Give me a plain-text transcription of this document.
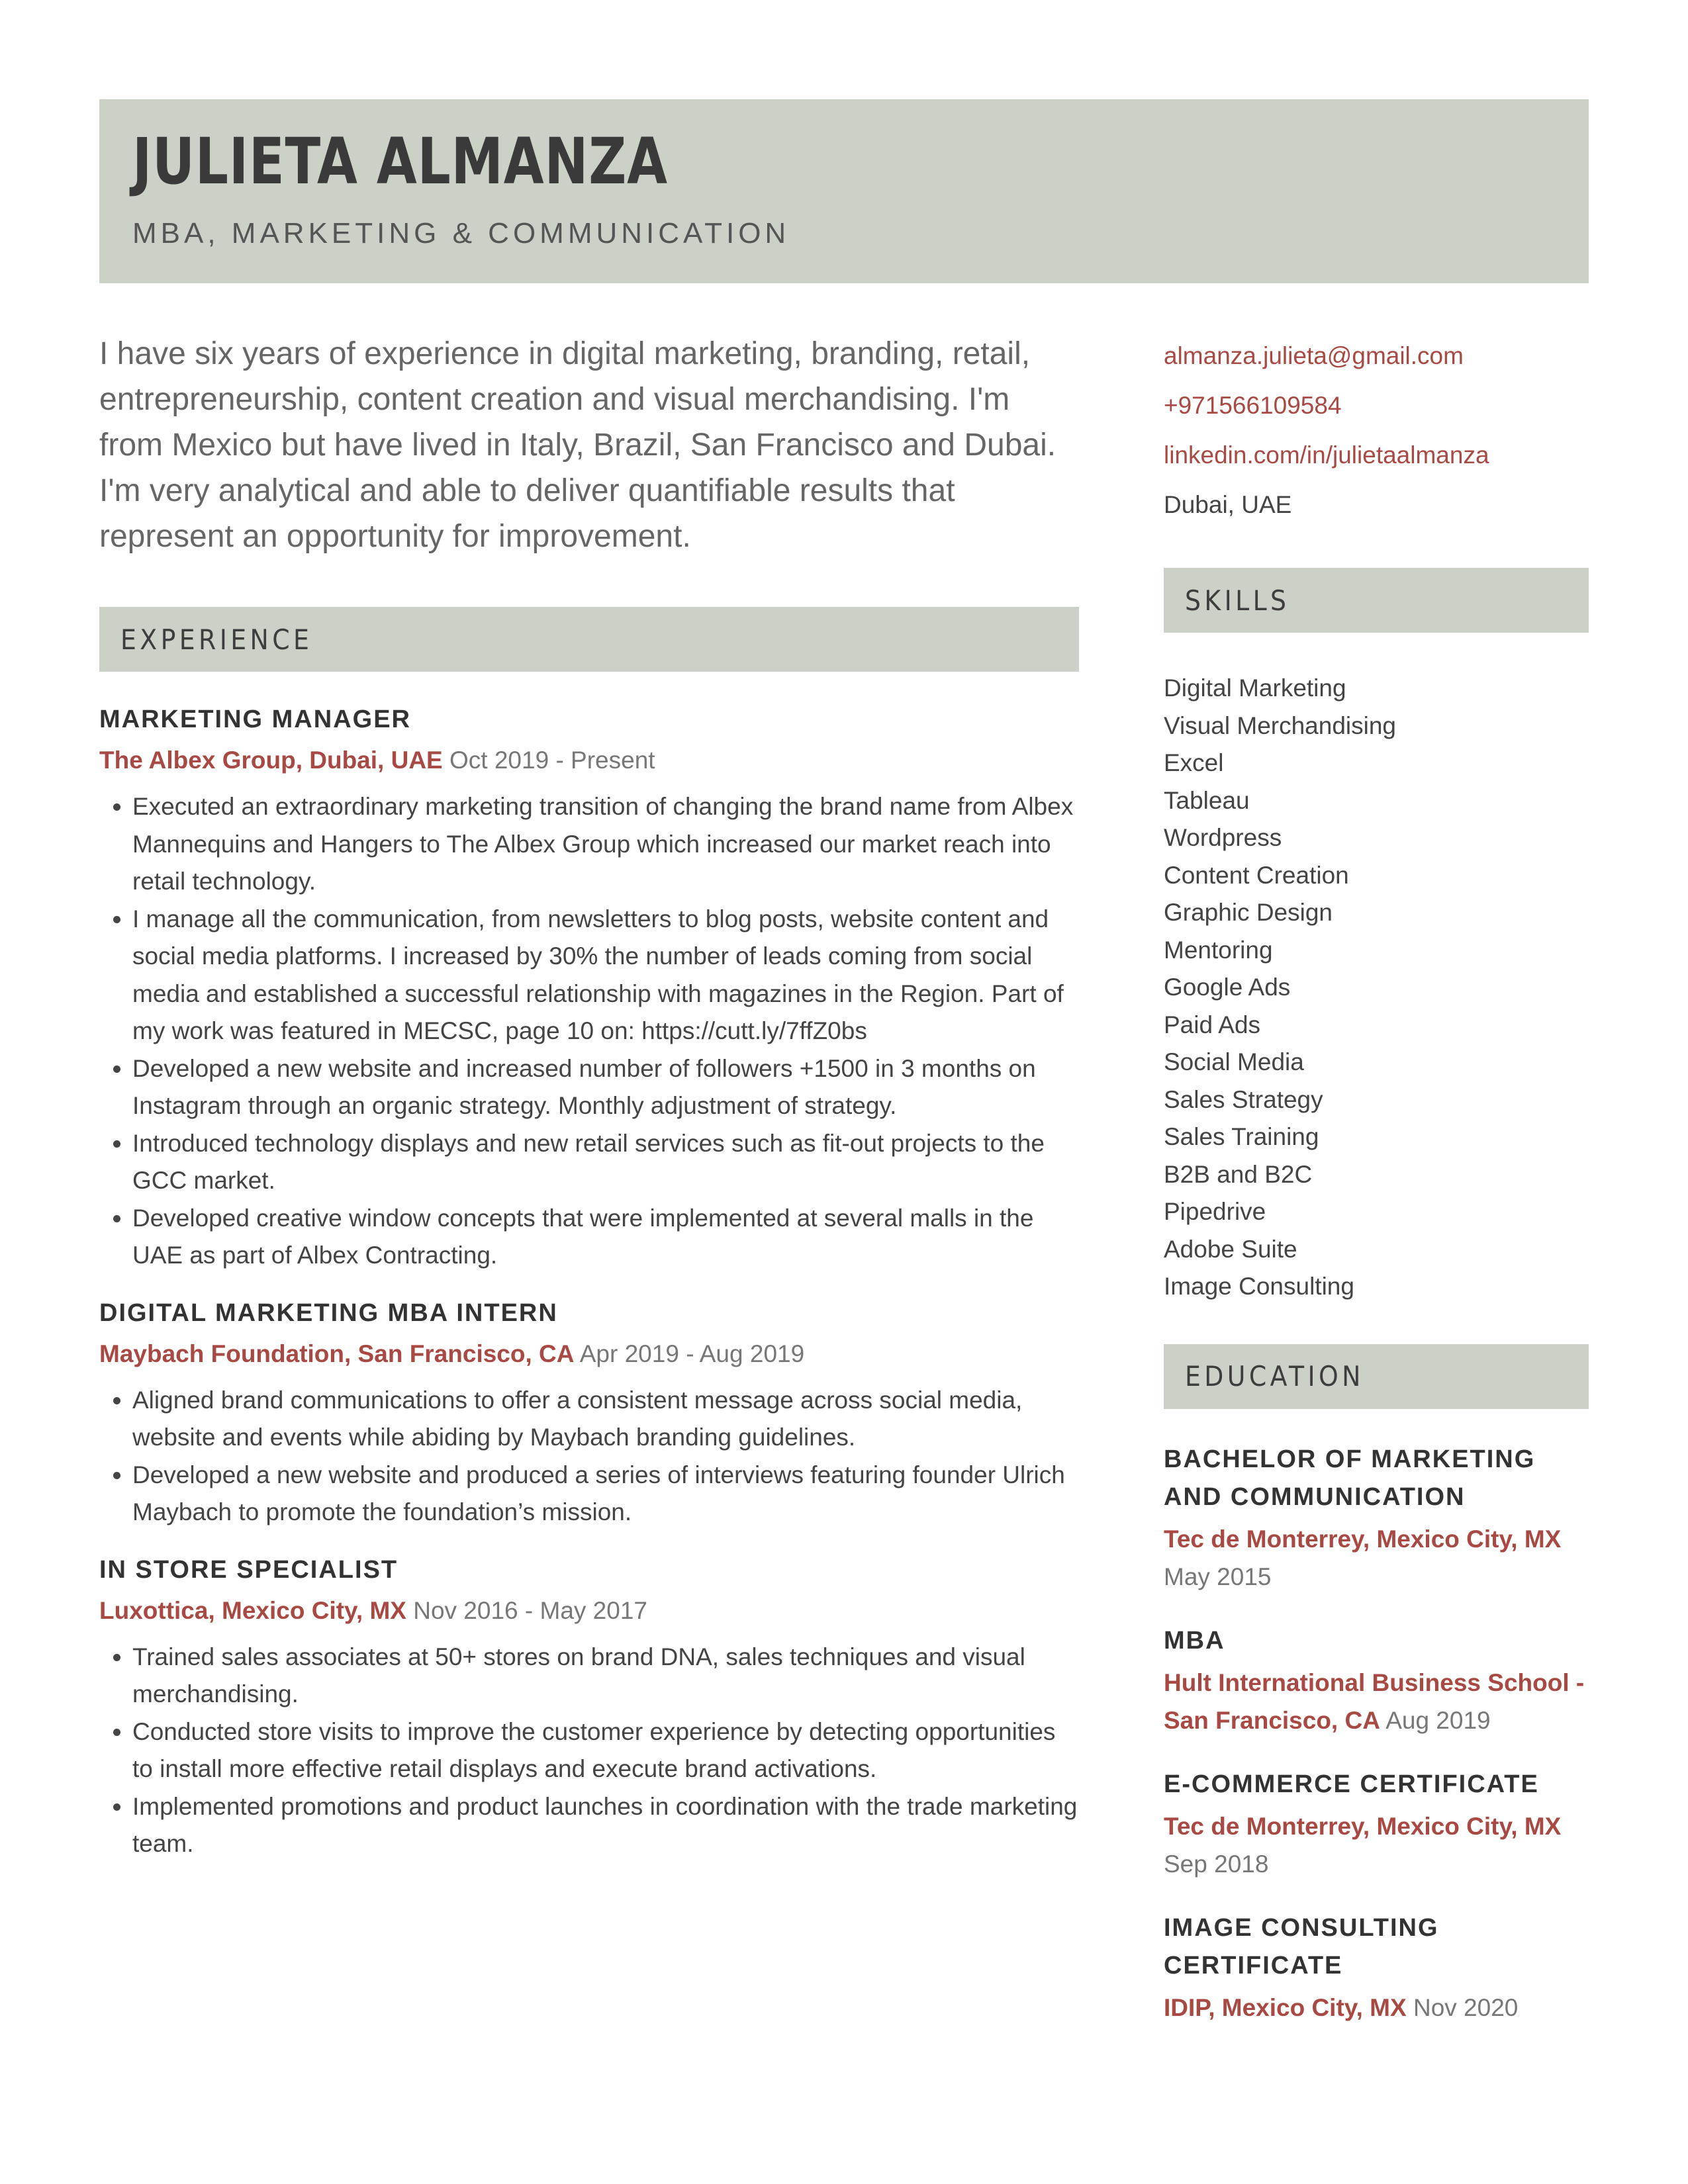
JULIETA ALMANZA

MBA, MARKETING & COMMUNICATION

I have six years of experience in digital marketing, branding, retail, entrepreneurship, content creation and visual merchandising. I'm from Mexico but have lived in Italy, Brazil, San Francisco and Dubai. I'm very analytical and able to deliver quantifiable results that represent an opportunity for improvement.

EXPERIENCE
MARKETING MANAGER
The Albex Group, Dubai, UAE Oct 2019 - Present
• Executed an extraordinary marketing transition of changing the brand name from Albex Mannequins and Hangers to The Albex Group which increased our market reach into retail technology.
• I manage all the communication, from newsletters to blog posts, website content and social media platforms. I increased by 30% the number of leads coming from social media and established a successful relationship with magazines in the Region. Part of my work was featured in MECSC, page 10 on: https://cutt.ly/7ffZ0bs
• Developed a new website and increased number of followers +1500 in 3 months on Instagram through an organic strategy. Monthly adjustment of strategy.
• Introduced technology displays and new retail services such as fit-out projects to the GCC market.
• Developed creative window concepts that were implemented at several malls in the UAE as part of Albex Contracting.
DIGITAL MARKETING MBA INTERN
Maybach Foundation, San Francisco, CA Apr 2019 - Aug 2019
• Aligned brand communications to offer a consistent message across social media, website and events while abiding by Maybach branding guidelines.
• Developed a new website and produced a series of interviews featuring founder Ulrich Maybach to promote the foundation’s mission.
IN STORE SPECIALIST
Luxottica, Mexico City, MX Nov 2016 - May 2017
• Trained sales associates at 50+ stores on brand DNA, sales techniques and visual merchandising.
• Conducted store visits to improve the customer experience by detecting opportunities to install more effective retail displays and execute brand activations.
• Implemented promotions and product launches in coordination with the trade marketing team.
almanza.julieta@gmail.com
+971566109584
linkedin.com/in/julietaalmanza
Dubai, UAE
SKILLS
Digital Marketing
Visual Merchandising
Excel
Tableau
Wordpress
Content Creation
Graphic Design
Mentoring
Google Ads
Paid Ads
Social Media
Sales Strategy
Sales Training
B2B and B2C
Pipedrive
Adobe Suite
Image Consulting
EDUCATION
BACHELOR OF MARKETING AND COMMUNICATION
Tec de Monterrey, Mexico City, MX
May 2015
MBA
Hult International Business School - San Francisco, CA Aug 2019
E-COMMERCE CERTIFICATE
Tec de Monterrey, Mexico City, MX
Sep 2018
IMAGE CONSULTING CERTIFICATE
IDIP, Mexico City, MX Nov 2020
